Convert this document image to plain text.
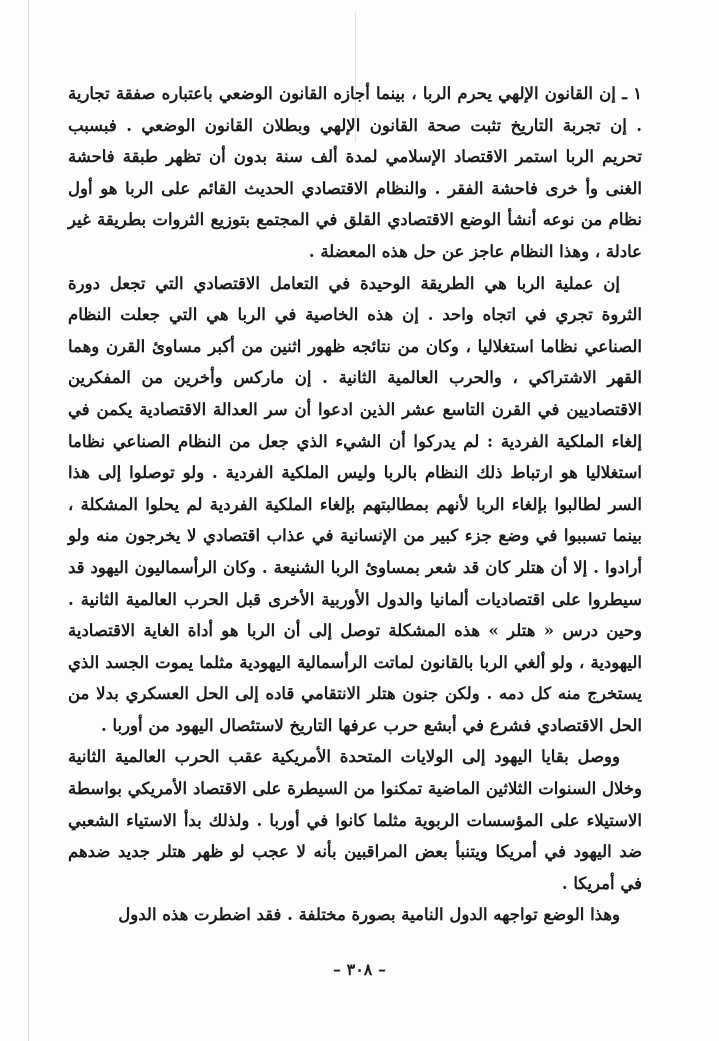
١ ـ إن القانون الإلهي يحرم الربا ، بينما أجازه القانون الوضعي باعتباره صفقة تجارية . إن تجربة التاريخ تثبت صحة القانون الإلهي وبطلان القانون الوضعي . فبسبب تحريم الربا استمر الاقتصاد الإسلامي لمدة ألف سنة بدون أن تظهر طبقة فاحشة الغنى وأ خرى فاحشة الفقر . والنظام الاقتصادي الحديث القائم على الربا هو أول نظام من نوعه أنشأ الوضع الاقتصادي القلق في المجتمع بتوزيع الثروات بطريقة غير عادلة ، وهذا النظام عاجز عن حل هذه المعضلة .

إن عملية الربا هي الطريقة الوحيدة في التعامل الاقتصادي التي تجعل دورة الثروة تجري في اتجاه واحد . إن هذه الخاصية في الربا هي التي جعلت النظام الصناعي نظاما استغلاليا ، وكان من نتائجه ظهور اثنين من أكبر مساوئ القرن وهما القهر الاشتراكي ، والحرب العالمية الثانية . إن ماركس وأخرين من المفكرين الاقتصاديين في القرن التاسع عشر الذين ادعوا أن سر العدالة الاقتصادية يكمن في إلغاء الملكية الفردية : لم يدركوا أن الشيء الذي جعل من النظام الصناعي نظاما استغلاليا هو ارتباط ذلك النظام بالربا وليس الملكية الفردية . ولو توصلوا إلى هذا السر لطالبوا بإلغاء الربا لأنهم بمطالبتهم بإلغاء الملكية الفردية لم يحلوا المشكلة ، بينما تسببوا في وضع جزء كبير من الإنسانية في عذاب اقتصادي لا يخرجون منه ولو أرادوا . إلا أن هتلر كان قد شعر بمساوئ الربا الشنيعة . وكان الرأسماليون اليهود قد سيطروا على اقتصاديات ألمانيا والدول الأوربية الأخرى قبل الحرب العالمية الثانية . وحين درس « هتلر » هذه المشكلة توصل إلى أن الربا هو أداة الغاية الاقتصادية اليهودية ، ولو ألغي الربا بالقانون لماتت الرأسمالية اليهودية مثلما يموت الجسد الذي يستخرج منه كل دمه . ولكن جنون هتلر الانتقامي قاده إلى الحل العسكري بدلا من الحل الاقتصادي فشرع في أبشع حرب عرفها التاريخ لاستئصال اليهود من أوربا .

ووصل بقايا اليهود إلى الولايات المتحدة الأمريكية عقب الحرب العالمية الثانية وخلال السنوات الثلاثين الماضية تمكنوا من السيطرة على الاقتصاد الأمريكي بواسطة الاستيلاء على المؤسسات الربوية مثلما كانوا في أوربا . ولذلك بدأ الاستياء الشعبي ضد اليهود في أمريكا ويتنبأ بعض المراقبين بأنه لا عجب لو ظهر هتلر جديد ضدهم في أمريكا .

وهذا الوضع تواجهه الدول النامية بصورة مختلفة . فقد اضطرت هذه الدول

– ٣٠٨ –
